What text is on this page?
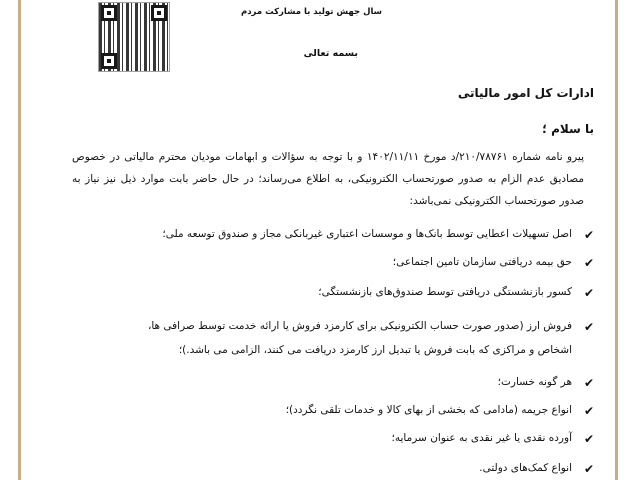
سال جهش تولید با مشارکت مردم
بسمه تعالی
ادارات کل امور مالیاتی
با سلام ؛
پیرو نامه شماره ۲۱۰/۷۸۷۶۱/د مورخ ۱۴۰۲/۱۱/۱۱ و با توجه به سؤالات و ابهامات مودیان محترم مالیاتی در خصوص مصادیق عدم الزام به صدور صورتحساب الکترونیکی، به اطلاع می‌رساند؛ در حال حاضر بابت موارد ذیل نیز نیاز به صدور صورتحساب الکترونیکی نمی‌باشد:
✔
اصل تسهیلات اعطایی توسط بانک‌ها و موسسات اعتباری غیربانکی مجاز و صندوق توسعه ملی؛
✔
حق بیمه دریافتی سازمان تامین اجتماعی؛
✔
کسور بازنشستگی دریافتی توسط صندوق‌های بازنشستگی؛
✔
فروش ارز (صدور صورت حساب الکترونیکی برای کارمزد فروش یا ارائه خدمت توسط صرافی ها،
اشخاص و مراکزی که بابت فروش یا تبدیل ارز کارمزد دریافت می کنند، الزامی می باشد.)؛
✔
هر گونه خسارت؛
✔
انواع جریمه (مادامی که بخشی از بهای کالا و خدمات تلقی نگردد)؛
✔
آورده نقدی یا غیر نقدی به عنوان سرمایه؛
✔
انواع کمک‌های دولتی.
